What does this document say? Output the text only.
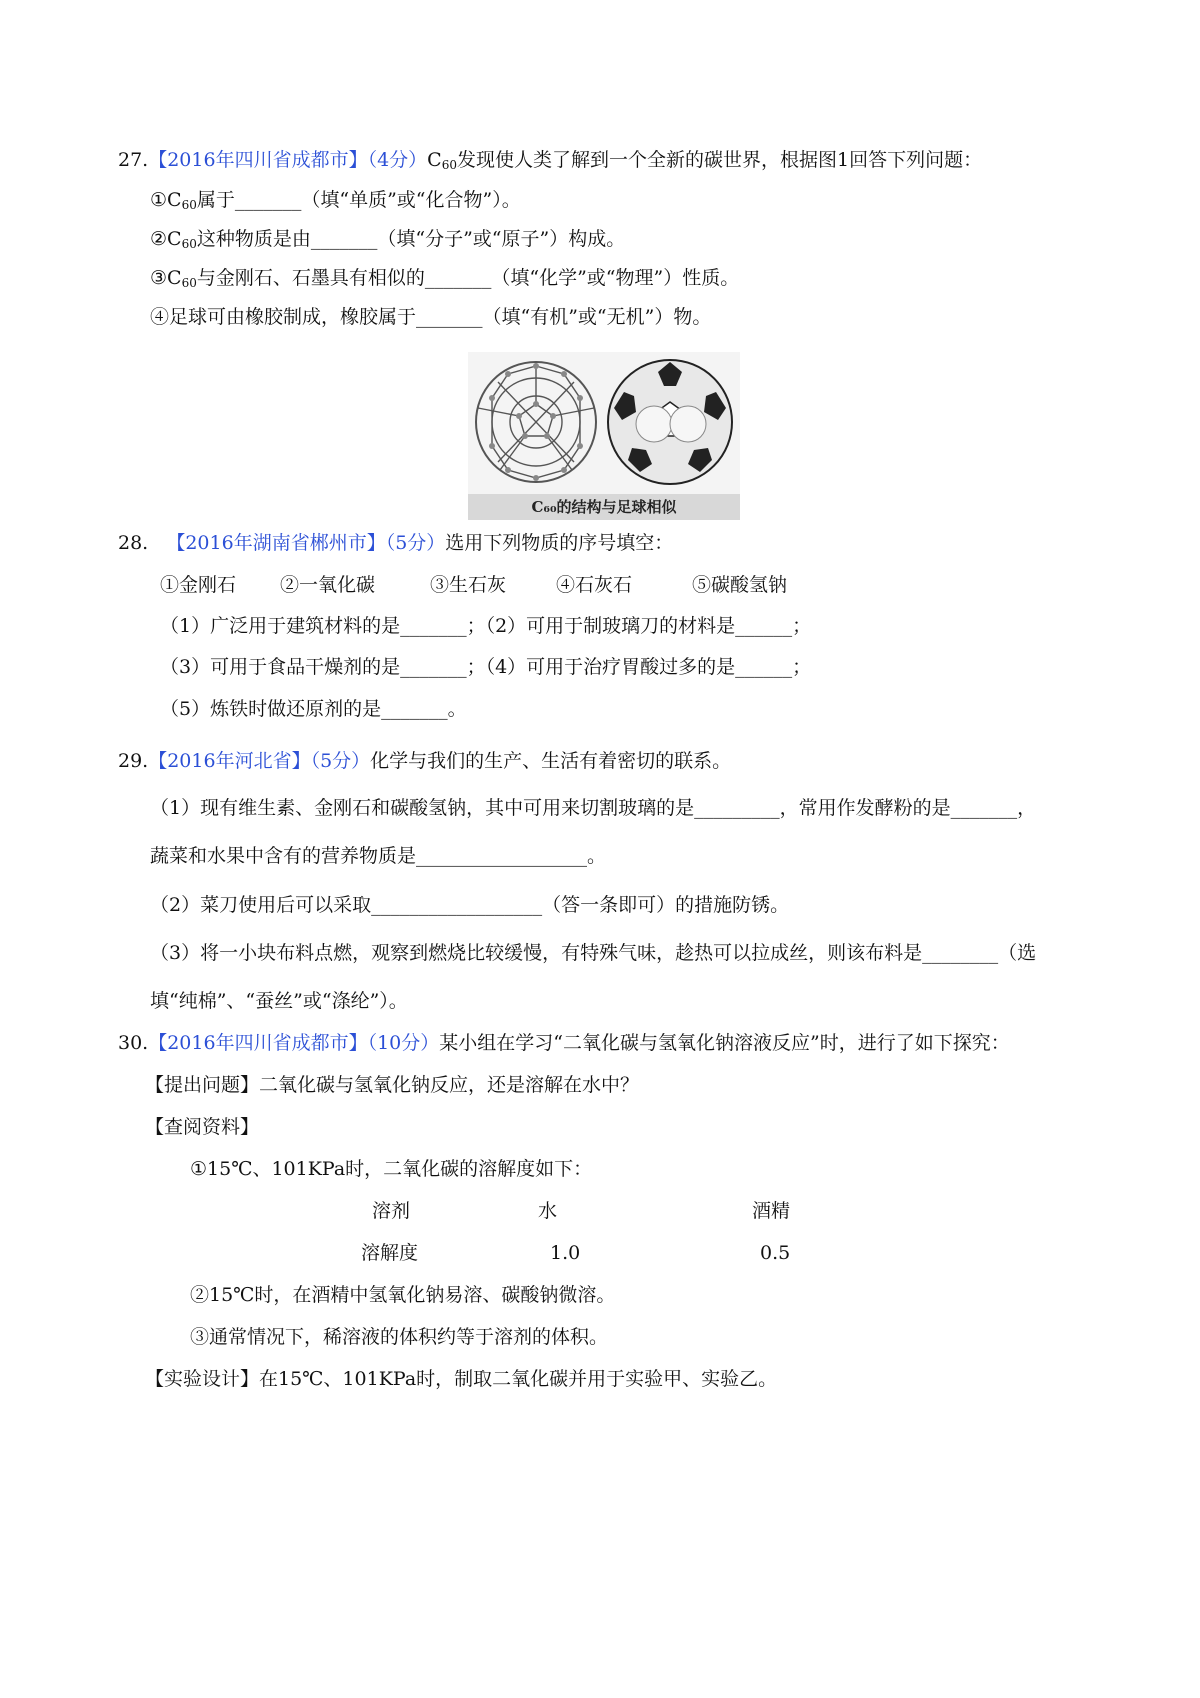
27.【2016年四川省成都市】（4分）$C_{60}$发现使人类了解到一个全新的碳世界，根据图1回答下列问题：
$①C_{60}$属于_______（填“单质”或“化合物”）。
$②C_{60}$这种物质是由_______（填“分子”或“原子”）构成。
$③C_{60}$与金刚石、石墨具有相似的_______（填“化学”或“物理”）性质。
④足球可由橡胶制成，橡胶属于_______（填“有机”或“无机”）物。
C₆₀的结构与足球相似
28. 【2016年湖南省郴州市】（5分）选用下列物质的序号填空：
①金刚石 ②一氧化碳	③生石灰	④石灰石	⑤碳酸氢钠
（1）广泛用于建筑材料的是_______；（2）可用于制玻璃刀的材料是______；
（3）可用于食品干燥剂的是_______；（4）可用于治疗胃酸过多的是______；
（5）炼铁时做还原剂的是_______。
29.【2016年河北省】（5分）化学与我们的生产、生活有着密切的联系。
（1）现有维生素、金刚石和碳酸氢钠，其中可用来切割玻璃的是_________，常用作发酵粉的是_______，
蔬菜和水果中含有的营养物质是__________________。
（2）菜刀使用后可以采取__________________（答一条即可）的措施防锈。
（3）将一小块布料点燃，观察到燃烧比较缓慢，有特殊气味，趁热可以拉成丝，则该布料是________（选
填“纯棉”、“蚕丝”或“涤纶”）。
30.【2016年四川省成都市】（10分）某小组在学习“二氧化碳与氢氧化钠溶液反应”时，进行了如下探究：
【提出问题】二氧化碳与氢氧化钠反应，还是溶解在水中？
【查阅资料】
①15℃、101KPa时，二氧化碳的溶解度如下：
溶剂	水	酒精
溶解度	1.0	0.5
②15℃时，在酒精中氢氧化钠易溶、碳酸钠微溶。
③通常情况下，稀溶液的体积约等于溶剂的体积。
【实验设计】在15℃、101KPa时，制取二氧化碳并用于实验甲、实验乙。
